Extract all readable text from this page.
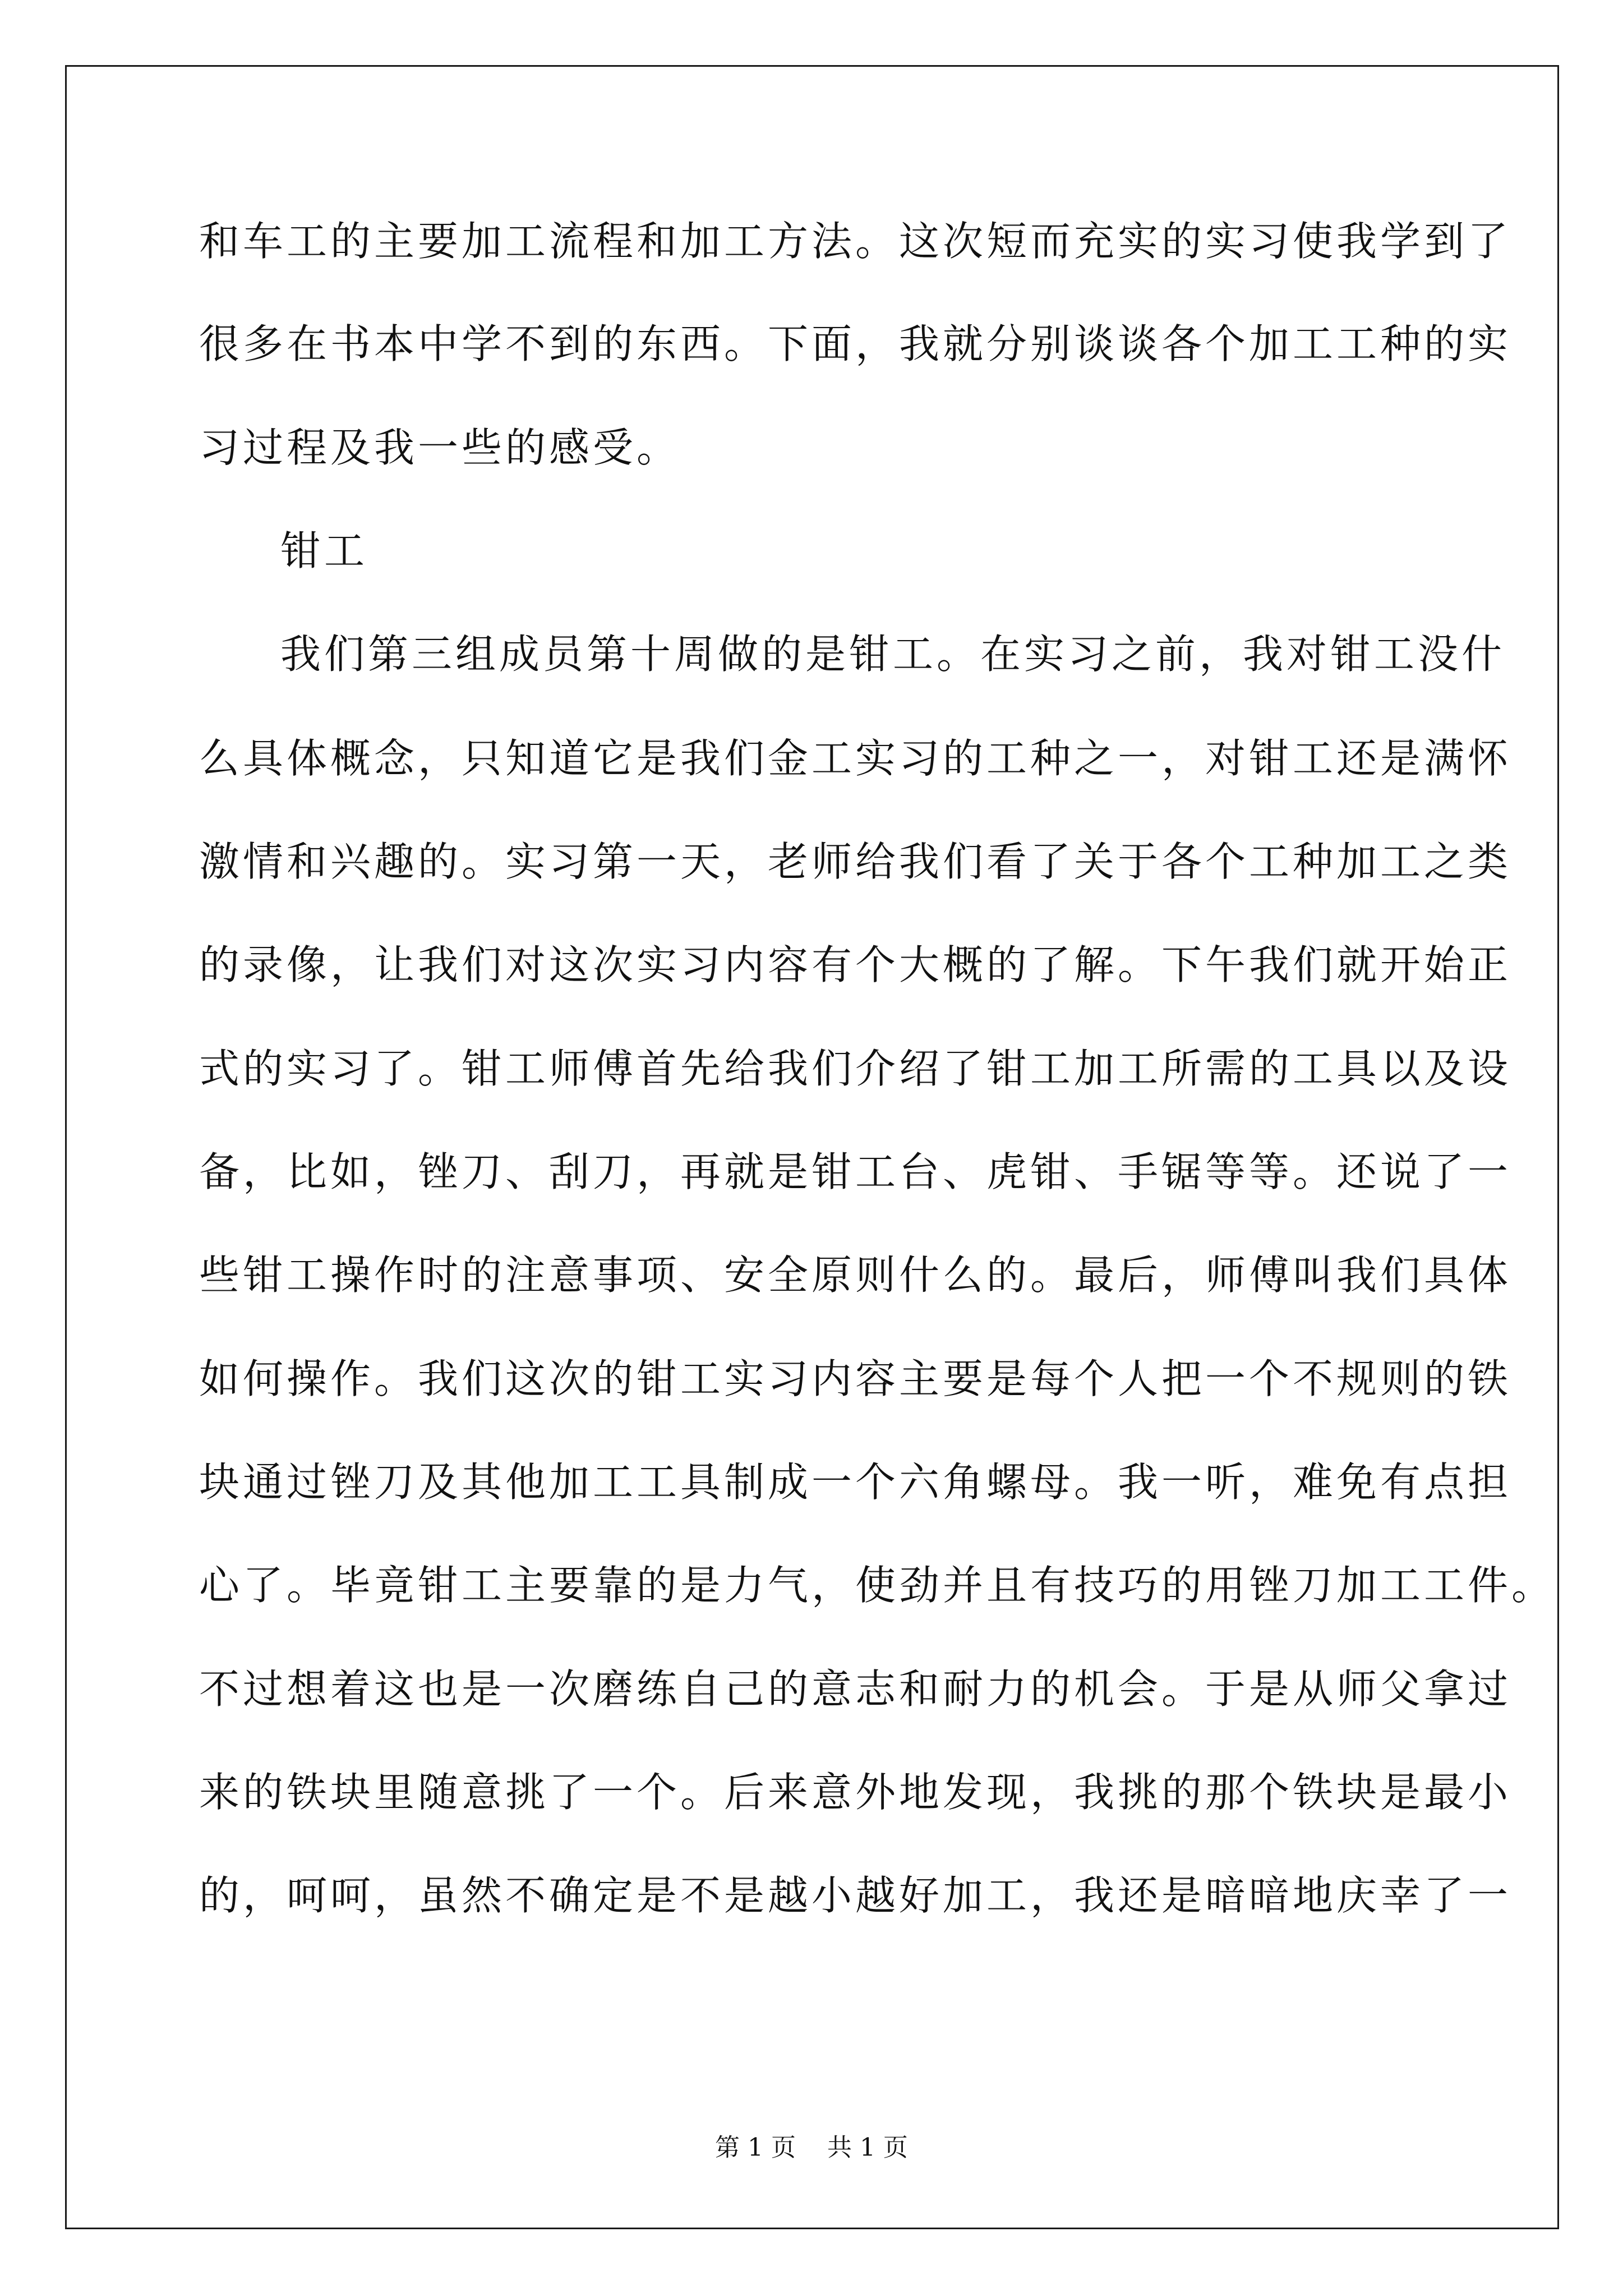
和车工的主要加工流程和加工方法。这次短而充实的实习使我学到了
很多在书本中学不到的东西。下面，我就分别谈谈各个加工工种的实
习过程及我一些的感受。
钳工
我们第三组成员第十周做的是钳工。在实习之前，我对钳工没什
么具体概念，只知道它是我们金工实习的工种之一，对钳工还是满怀
激情和兴趣的。实习第一天，老师给我们看了关于各个工种加工之类
的录像，让我们对这次实习内容有个大概的了解。下午我们就开始正
式的实习了。钳工师傅首先给我们介绍了钳工加工所需的工具以及设
备，比如，锉刀、刮刀，再就是钳工台、虎钳、手锯等等。还说了一
些钳工操作时的注意事项、安全原则什么的。最后，师傅叫我们具体
如何操作。我们这次的钳工实习内容主要是每个人把一个不规则的铁
块通过锉刀及其他加工工具制成一个六角螺母。我一听，难免有点担
心了。毕竟钳工主要靠的是力气，使劲并且有技巧的用锉刀加工工件。
不过想着这也是一次磨练自己的意志和耐力的机会。于是从师父拿过
来的铁块里随意挑了一个。后来意外地发现，我挑的那个铁块是最小
的，呵呵，虽然不确定是不是越小越好加工，我还是暗暗地庆幸了一
第 1 页    共 1 页
